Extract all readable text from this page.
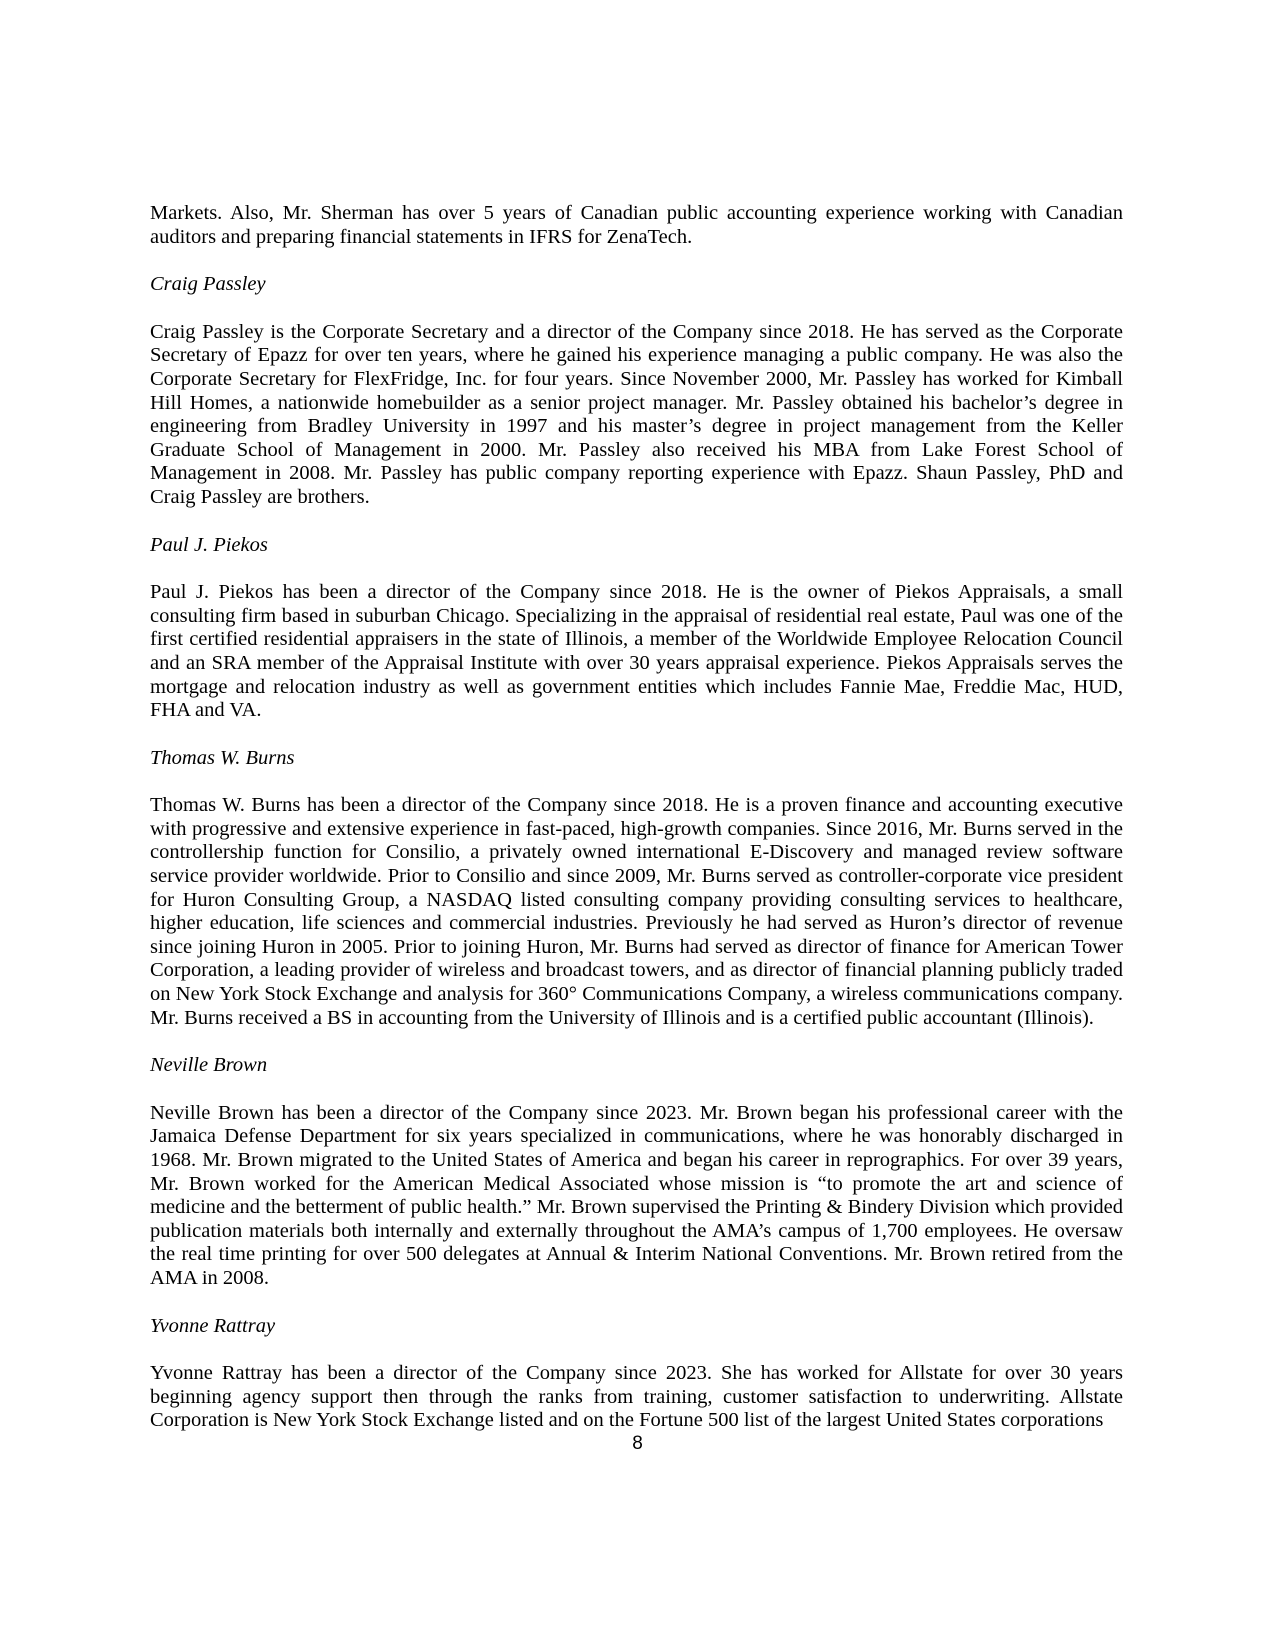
Markets. Also, Mr. Sherman has over 5 years of Canadian public accounting experience working with Canadian auditors and preparing financial statements in IFRS for ZenaTech.

Craig Passley

Craig Passley is the Corporate Secretary and a director of the Company since 2018. He has served as the Corporate Secretary of Epazz for over ten years, where he gained his experience managing a public company. He was also the Corporate Secretary for FlexFridge, Inc. for four years. Since November 2000, Mr. Passley has worked for Kimball Hill Homes, a nationwide homebuilder as a senior project manager. Mr. Passley obtained his bachelor’s degree in engineering from Bradley University in 1997 and his master’s degree in project management from the Keller Graduate School of Management in 2000. Mr. Passley also received his MBA from Lake Forest School of Management in 2008. Mr. Passley has public company reporting experience with Epazz. Shaun Passley, PhD and Craig Passley are brothers.

Paul J. Piekos

Paul J. Piekos has been a director of the Company since 2018. He is the owner of Piekos Appraisals, a small consulting firm based in suburban Chicago. Specializing in the appraisal of residential real estate, Paul was one of the first certified residential appraisers in the state of Illinois, a member of the Worldwide Employee Relocation Council and an SRA member of the Appraisal Institute with over 30 years appraisal experience. Piekos Appraisals serves the mortgage and relocation industry as well as government entities which includes Fannie Mae, Freddie Mac, HUD, FHA and VA.

Thomas W. Burns

Thomas W. Burns has been a director of the Company since 2018. He is a proven finance and accounting executive with progressive and extensive experience in fast-paced, high-growth companies. Since 2016, Mr. Burns served in the controllership function for Consilio, a privately owned international E-Discovery and managed review software service provider worldwide. Prior to Consilio and since 2009, Mr. Burns served as controller-corporate vice president for Huron Consulting Group, a NASDAQ listed consulting company providing consulting services to healthcare, higher education, life sciences and commercial industries. Previously he had served as Huron’s director of revenue since joining Huron in 2005. Prior to joining Huron, Mr. Burns had served as director of finance for American Tower Corporation, a leading provider of wireless and broadcast towers, and as director of financial planning publicly traded on New York Stock Exchange and analysis for 360° Communications Company, a wireless communications company. Mr. Burns received a BS in accounting from the University of Illinois and is a certified public accountant (Illinois).

Neville Brown

Neville Brown has been a director of the Company since 2023. Mr. Brown began his professional career with the Jamaica Defense Department for six years specialized in communications, where he was honorably discharged in 1968. Mr. Brown migrated to the United States of America and began his career in reprographics. For over 39 years, Mr. Brown worked for the American Medical Associated whose mission is “to promote the art and science of medicine and the betterment of public health.” Mr. Brown supervised the Printing & Bindery Division which provided publication materials both internally and externally throughout the AMA’s campus of 1,700 employees. He oversaw the real time printing for over 500 delegates at Annual & Interim National Conventions. Mr. Brown retired from the AMA in 2008.

Yvonne Rattray

Yvonne Rattray has been a director of the Company since 2023. She has worked for Allstate for over 30 years beginning agency support then through the ranks from training, customer satisfaction to underwriting. Allstate Corporation is New York Stock Exchange listed and on the Fortune 500 list of the largest United States corporations

8
